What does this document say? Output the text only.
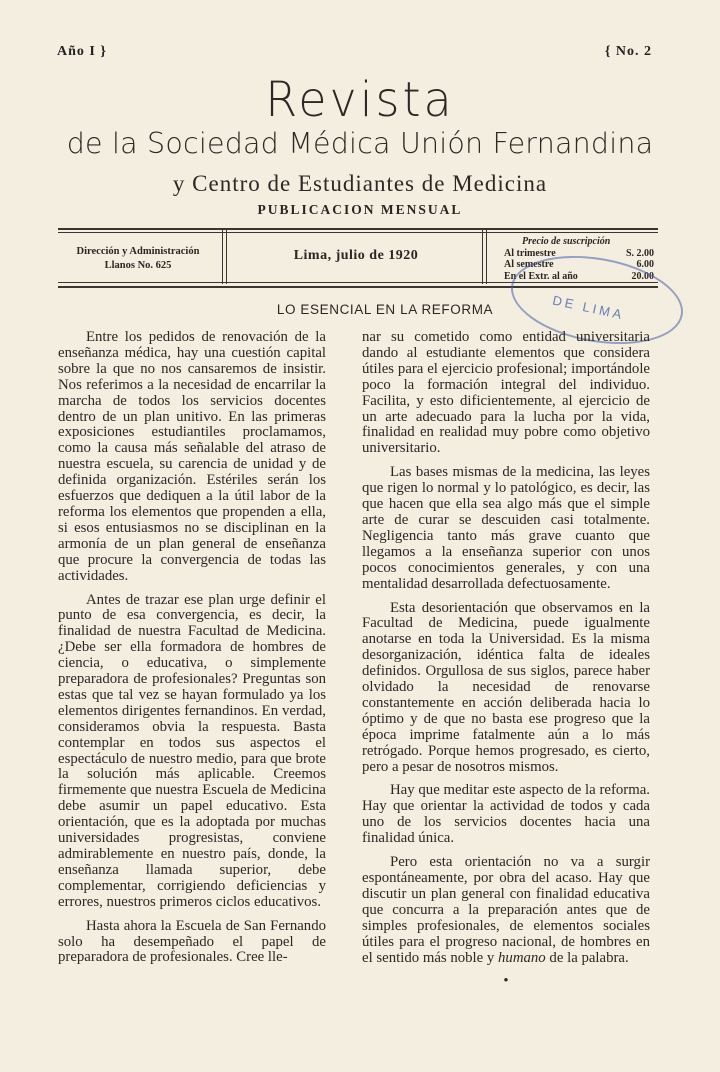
Año I }	{ No. 2
Revista
de la Sociedad Médica Unión Fernandina
y Centro de Estudiantes de Medicina
PUBLICACION MENSUAL
Dirección y Administración
Llanos No. 625
Lima, julio de 1920
Precio de suscripción
Al trimestre	S. 2.00
Al semestre	6.00
En el Extr. al año	20.00
DE LIMA
LO ESENCIAL EN LA REFORMA

Entre los pedidos de renovación de la enseñanza médica, hay una cuestión capital sobre la que no nos cansaremos de insistir. Nos referimos a la necesidad de encarrilar la marcha de todos los servicios docentes dentro de un plan unitivo. En las primeras exposiciones estudiantiles proclamamos, como la causa más señalable del atraso de nuestra escuela, su carencia de unidad y de definida organización. Estériles serán los esfuerzos que dediquen a la útil labor de la reforma los elementos que propenden a ella, si esos entusiasmos no se disciplinan en la armonía de un plan general de enseñanza que procure la convergencia de todas las actividades.

Antes de trazar ese plan urge definir el punto de esa convergencia, es decir, la finalidad de nuestra Facultad de Medicina. ¿Debe ser ella formadora de hombres de ciencia, o educativa, o simplemente preparadora de profesionales? Preguntas son estas que tal vez se hayan formulado ya los elementos dirigentes fernandinos. En verdad, consideramos obvia la respuesta. Basta contemplar en todos sus aspectos el espectáculo de nuestro medio, para que brote la solución más aplicable. Creemos firmemente que nuestra Escuela de Medicina debe asumir un papel educativo. Esta orientación, que es la adoptada por muchas universidades progresistas, conviene admirablemente en nuestro país, donde, la enseñanza llamada superior, debe complementar, corrigiendo deficiencias y errores, nuestros primeros ciclos educativos.

Hasta ahora la Escuela de San Fernando solo ha desempeñado el papel de preparadora de profesionales. Cree lle-

nar su cometido como entidad universitaria dando al estudiante elementos que considera útiles para el ejercicio profesional; importándole poco la formación integral del individuo. Facilita, y esto dificientemente, al ejercicio de un arte adecuado para la lucha por la vida, finalidad en realidad muy pobre como objetivo universitario.

Las bases mismas de la medicina, las leyes que rigen lo normal y lo patológico, es decir, las que hacen que ella sea algo más que el simple arte de curar se descuiden casi totalmente. Negligencia tanto más grave cuanto que llegamos a la enseñanza superior con unos pocos conocimientos generales, y con una mentalidad desarrollada defectuosamente.

Esta desorientación que observamos en la Facultad de Medicina, puede igualmente anotarse en toda la Universidad. Es la misma desorganización, idéntica falta de ideales definidos. Orgullosa de sus siglos, parece haber olvidado la necesidad de renovarse constantemente en acción deliberada hacia lo óptimo y de que no basta ese progreso que la época imprime fatalmente aún a lo más retrógado. Porque hemos progresado, es cierto, pero a pesar de nosotros mismos.

Hay que meditar este aspecto de la reforma. Hay que orientar la actividad de todos y cada uno de los servicios docentes hacia una finalidad única.

Pero esta orientación no va a surgir espontáneamente, por obra del acaso. Hay que discutir un plan general con finalidad educativa que concurra a la preparación antes que de simples profesionales, de elementos sociales útiles para el progreso nacional, de hombres en el sentido más noble y humano de la palabra.

•
